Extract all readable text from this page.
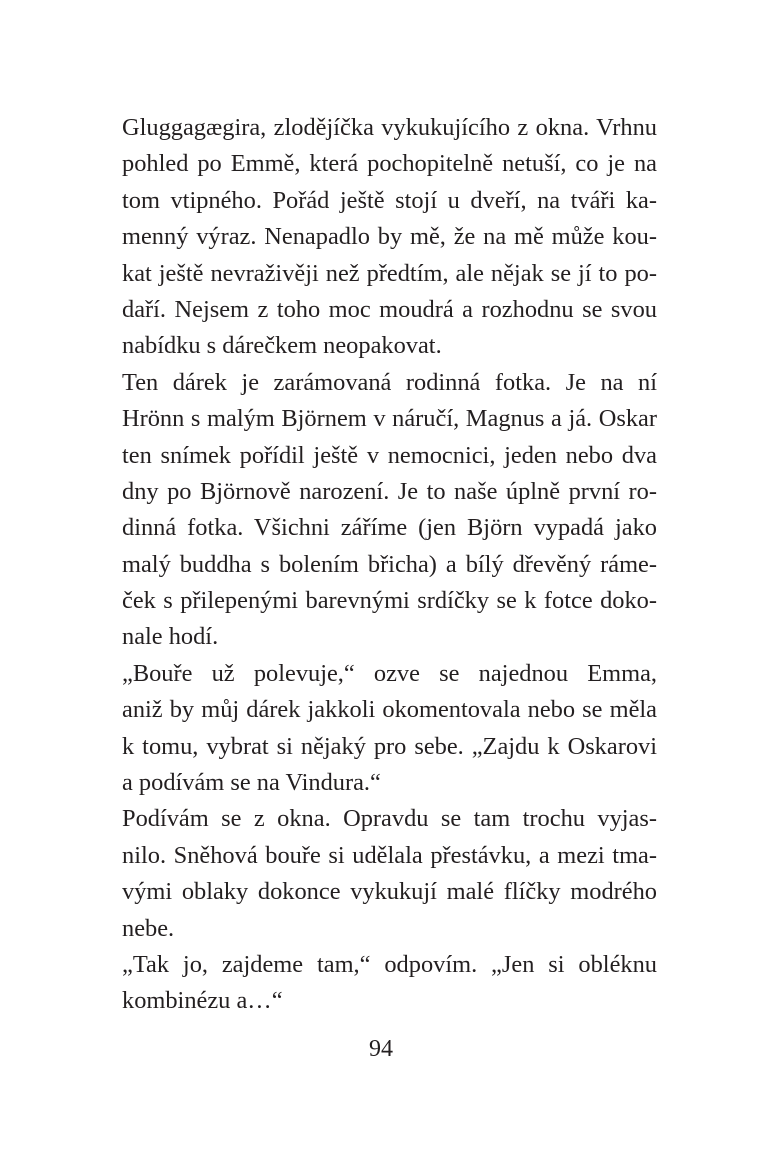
Gluggagægira, zlodějíčka vykukujícího z okna. Vrhnu
pohled po Emmě, která pochopitelně netuší, co je na
tom vtipného. Pořád ještě stojí u dveří, na tváři ka-
menný výraz. Nenapadlo by mě, že na mě může kou-
kat ještě nevraživěji než předtím, ale nějak se jí to po-
daří. Nejsem z toho moc moudrá a rozhodnu se svou
nabídku s dárečkem neopakovat.
Ten dárek je zarámovaná rodinná fotka. Je na ní
Hrönn s malým Björnem v náručí, Magnus a já. Oskar
ten snímek pořídil ještě v nemocnici, jeden nebo dva
dny po Björnově narození. Je to naše úplně první ro-
dinná fotka. Všichni záříme (jen Björn vypadá jako
malý buddha s bolením břicha) a bílý dřevěný ráme-
ček s přilepenými barevnými srdíčky se k fotce doko-
nale hodí.
„Bouře už polevuje,“ ozve se najednou Emma,
aniž by můj dárek jakkoli okomentovala nebo se měla
k tomu, vybrat si nějaký pro sebe. „Zajdu k Oskarovi
a podívám se na Vindura.“
Podívám se z okna. Opravdu se tam trochu vyjas-
nilo. Sněhová bouře si udělala přestávku, a mezi tma-
vými oblaky dokonce vykukují malé flíčky modrého
nebe.
„Tak jo, zajdeme tam,“ odpovím. „Jen si obléknu
kombinézu a…“
94
